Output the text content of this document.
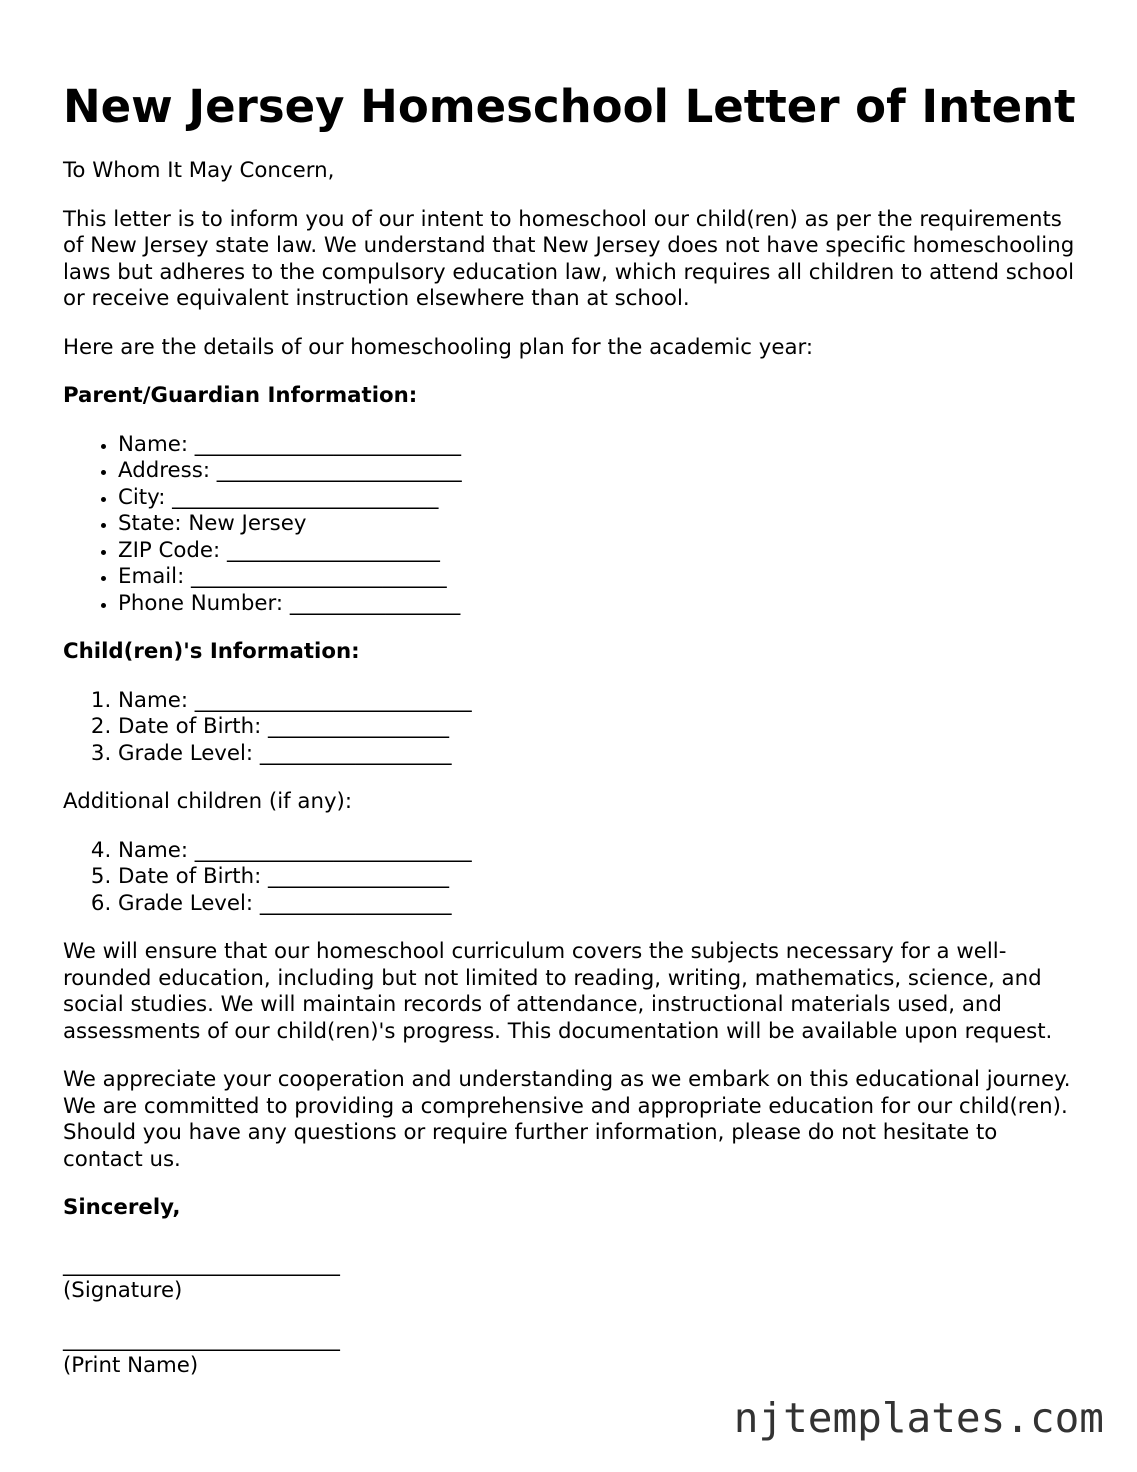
New Jersey Homeschool Letter of Intent

To Whom It May Concern,

This letter is to inform you of our intent to homeschool our child(ren) as per the requirements of New Jersey state law. We understand that New Jersey does not have specific homeschooling laws but adheres to the compulsory education law, which requires all children to attend school or receive equivalent instruction elsewhere than at school.

Here are the details of our homeschooling plan for the academic year:

Parent/Guardian Information:

• Name: _________________________
• Address: _______________________
• City: _________________________
• State: New Jersey
• ZIP Code: ____________________
• Email: ________________________
• Phone Number: ________________

Child(ren)'s Information:

1. Name: __________________________
2. Date of Birth: _________________
3. Grade Level: __________________

Additional children (if any):

4. Name: __________________________
5. Date of Birth: _________________
6. Grade Level: __________________

We will ensure that our homeschool curriculum covers the subjects necessary for a well-rounded education, including but not limited to reading, writing, mathematics, science, and social studies. We will maintain records of attendance, instructional materials used, and assessments of our child(ren)'s progress. This documentation will be available upon request.

We appreciate your cooperation and understanding as we embark on this educational journey. We are committed to providing a comprehensive and appropriate education for our child(ren). Should you have any questions or require further information, please do not hesitate to contact us.

Sincerely,

__________________________
(Signature)
__________________________
(Print Name)
njtemplates.com
